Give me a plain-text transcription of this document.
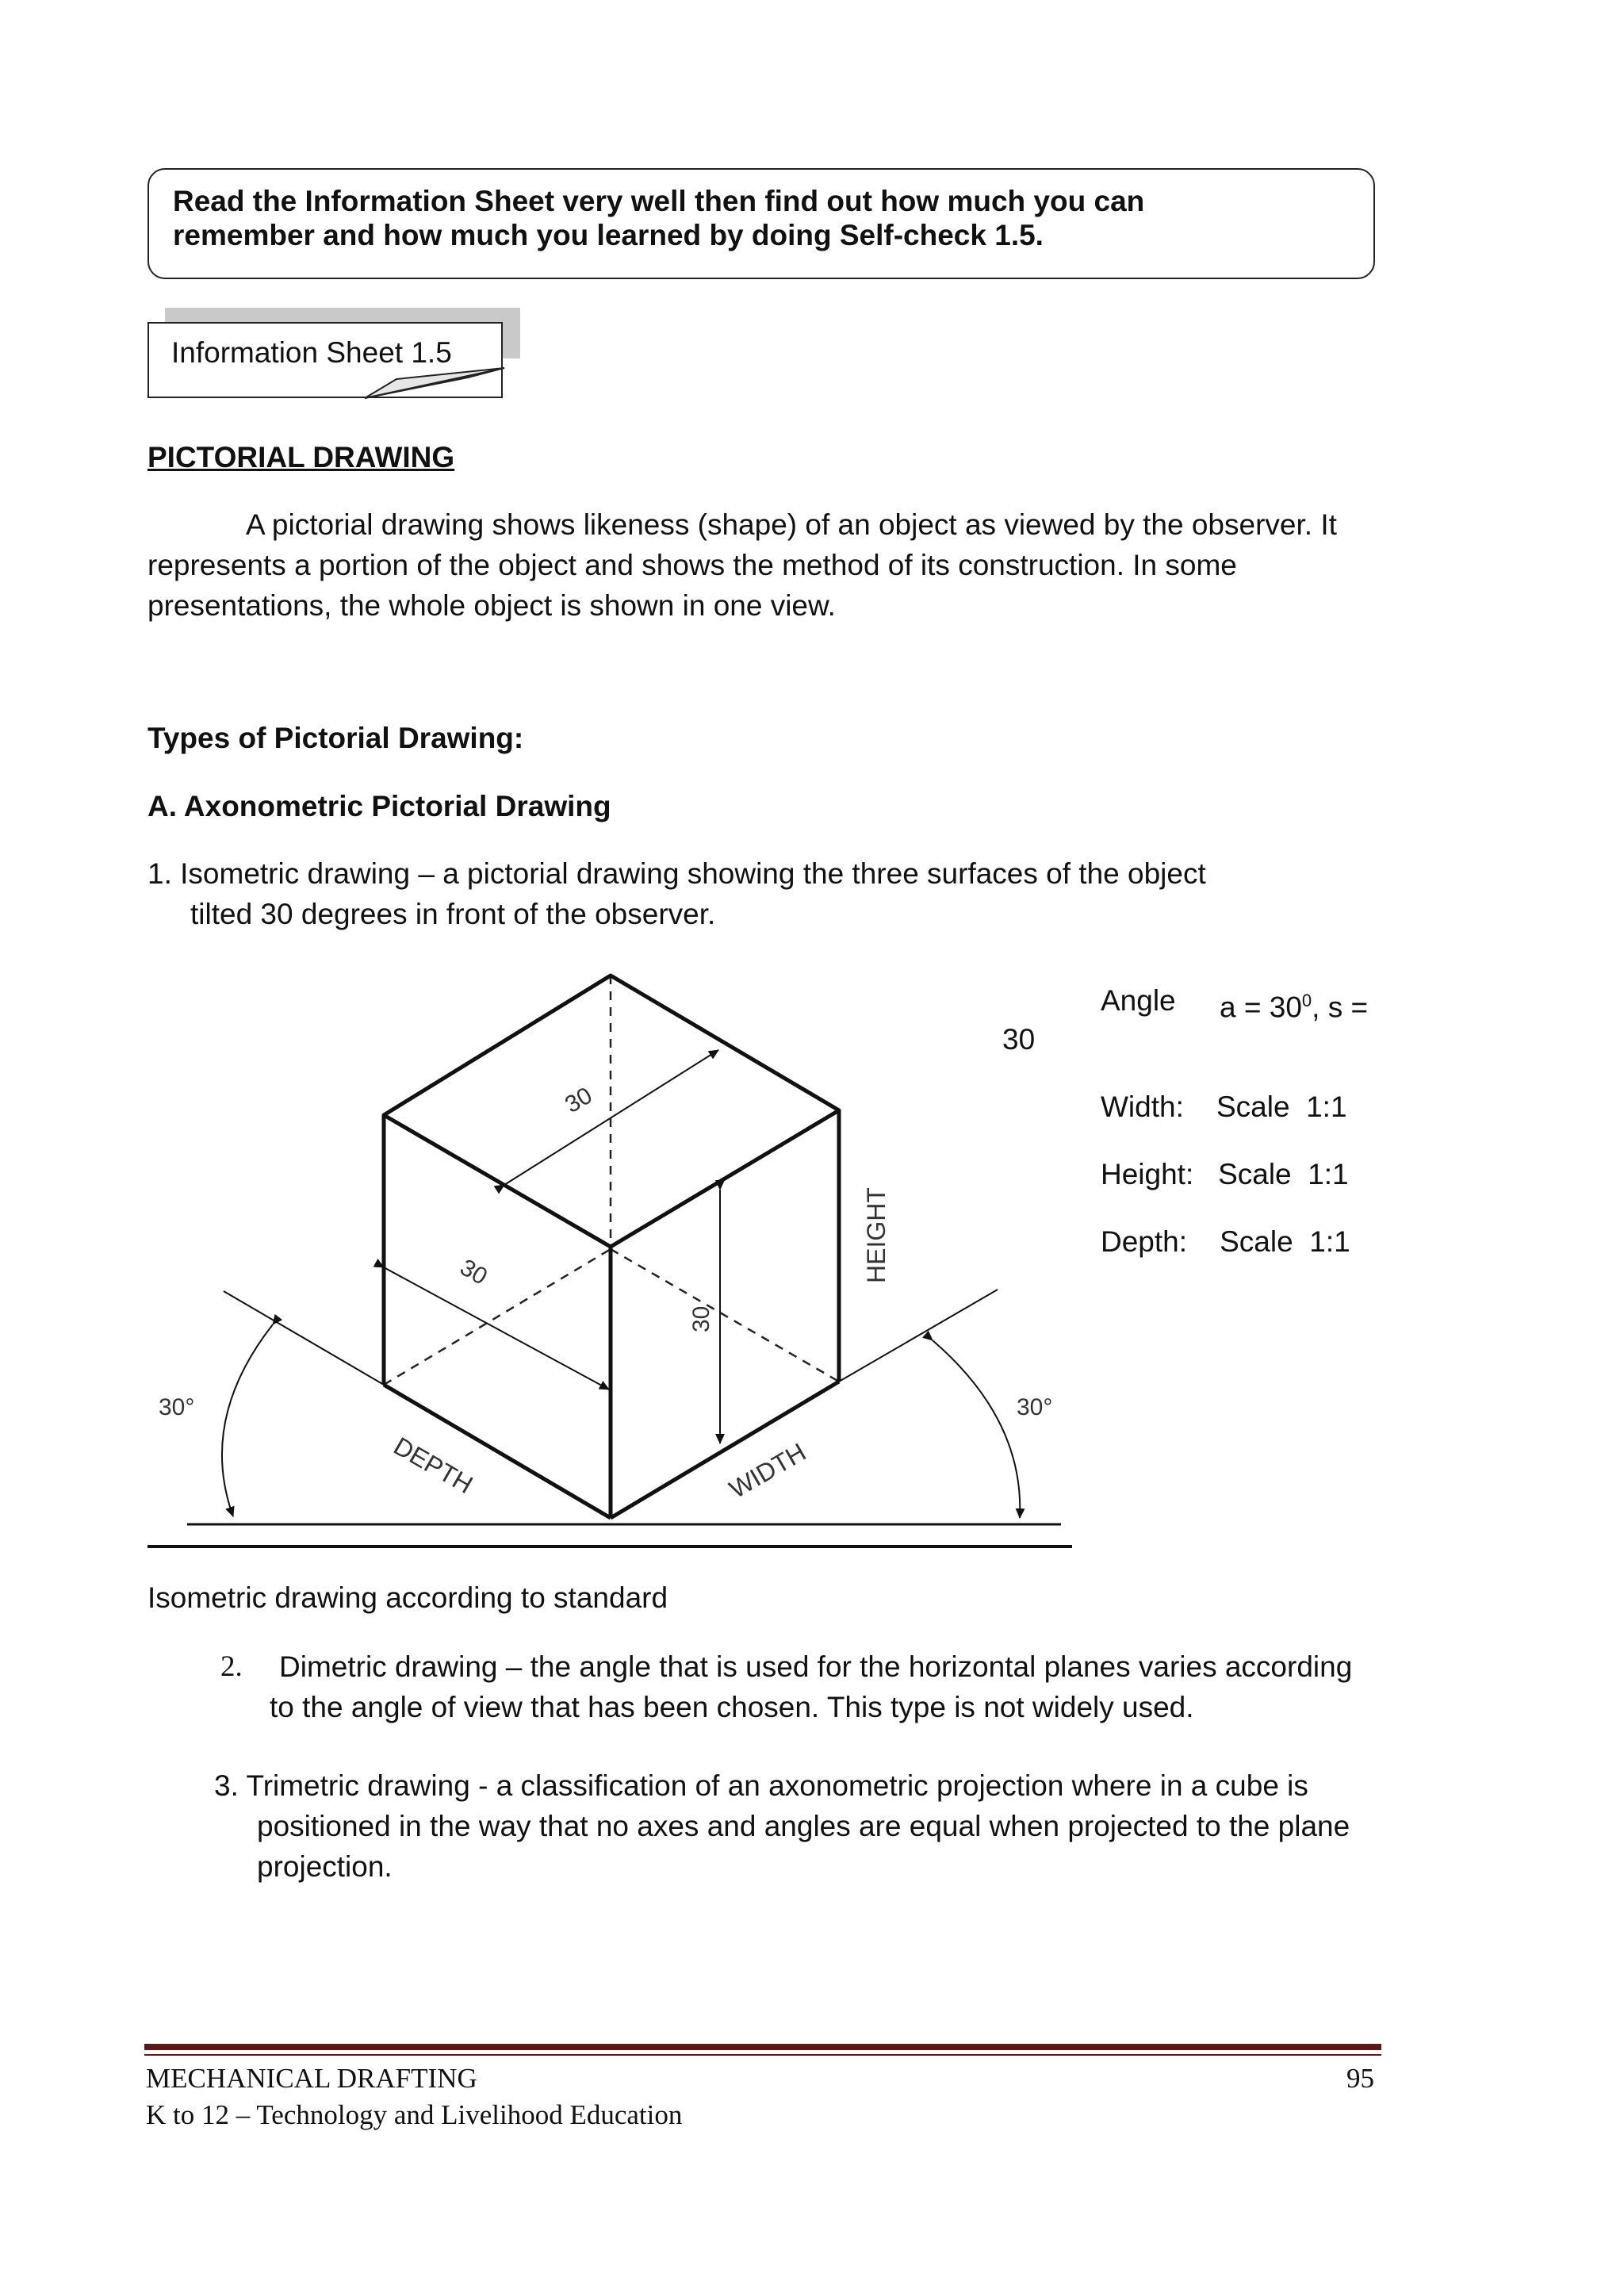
Read the Information Sheet very well then find out how much you can
remember and how much you learned by doing Self-check 1.5.
Information Sheet 1.5
PICTORIAL DRAWING
A pictorial drawing shows likeness (shape) of an object as viewed by the observer. It
represents a portion of the object and shows the method of its construction. In some
presentations, the whole object is shown in one view.
Types of Pictorial Drawing:
A. Axonometric Pictorial Drawing
1. Isometric drawing – a pictorial drawing showing the three surfaces of the object
tilted 30 degrees in front of the observer.
30
30
30
HEIGHT
DEPTH	WIDTH
30°	30°
Angle $a = 30^0$, s =
30
Width:    Scale  1:1
Height:   Scale  1:1
Depth:    Scale  1:1
Isometric drawing according to standard
2. Dimetric drawing – the angle that is used for the horizontal planes varies according
to the angle of view that has been chosen. This type is not widely used.
3. Trimetric drawing - a classification of an axonometric projection where in a cube is
positioned in the way that no axes and angles are equal when projected to the plane
projection.
MECHANICAL DRAFTING	95
K to 12 – Technology and Livelihood Education
